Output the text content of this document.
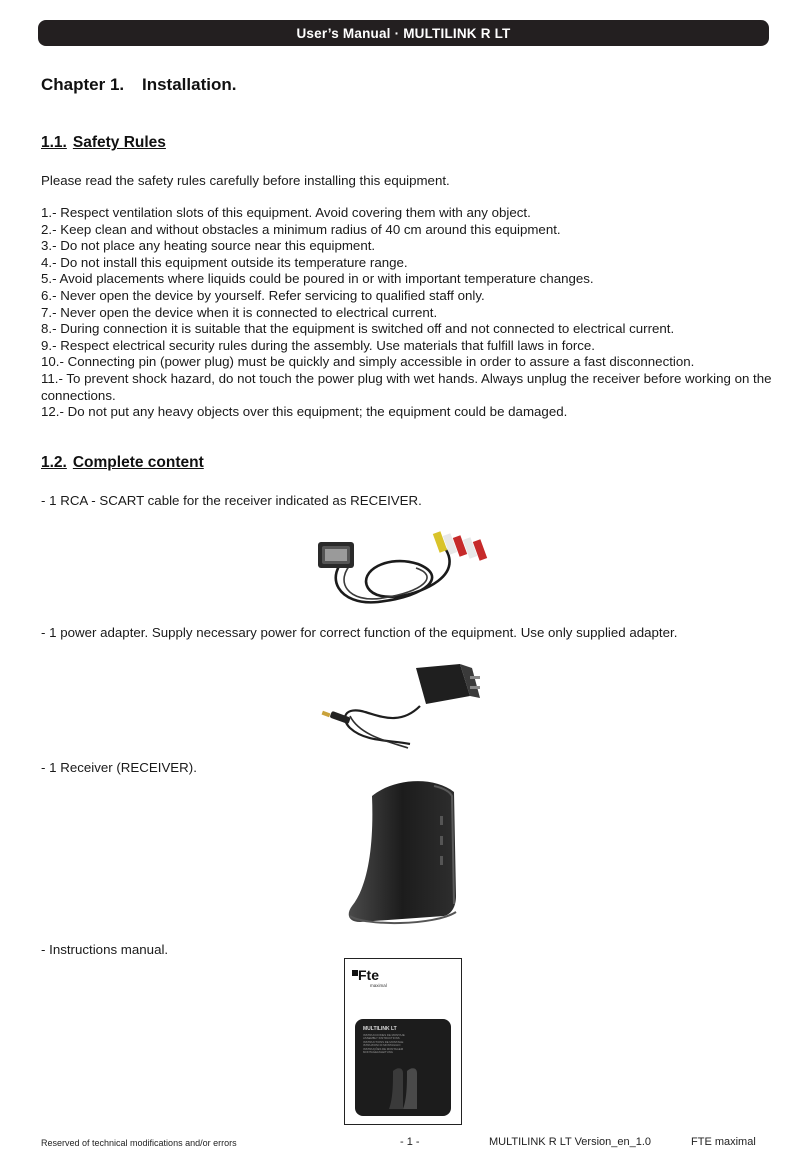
User’s Manual · MULTILINK R LT
Chapter 1. Installation.
1.1. Safety Rules
Please read the safety rules carefully before installing this equipment.
1.- Respect ventilation slots of this equipment. Avoid covering them with any object.
2.- Keep clean and without obstacles a minimum radius of 40 cm around this equipment.
3.- Do not place any heating source near this equipment.
4.- Do not install this equipment outside its temperature range.
5.- Avoid placements where liquids could be poured in or with important temperature changes.
6.- Never open the device by yourself. Refer servicing to qualified staff only.
7.- Never open the device when it is connected to electrical current.
8.- During connection it is suitable that the equipment is switched off and not connected to electrical current.
9.- Respect electrical security rules during the assembly. Use materials that fulfill laws in force.
10.- Connecting pin (power plug) must be quickly and simply accessible in order to assure a fast disconnection.
11.- To prevent shock hazard, do not touch the power plug with wet hands. Always unplug the receiver before working on the connections.
12.- Do not put any heavy objects over this equipment; the equipment could be damaged.
1.2. Complete content
- 1 RCA - SCART cable for the receiver indicated as RECEIVER.
- 1 power adapter. Supply necessary power for correct function of the equipment. Use only supplied adapter.
- 1 Receiver (RECEIVER).
- Instructions manual.
Fte
maximal
MULTILINK LT
INSTRUCCIONES DE MONTAJE
ASSEMBLY INSTRUCTIONS
INSTRUCTIONS DE MONTAGE
ISTRUZIONI DI MONTAGGIO
INSTRUÇÕES DE MONTAGEM
MONTAGEANLEITUNG
Reserved of technical modifications and/or errors	- 1 -	MULTILINK R LT Version_en_1.0	FTE maximal
